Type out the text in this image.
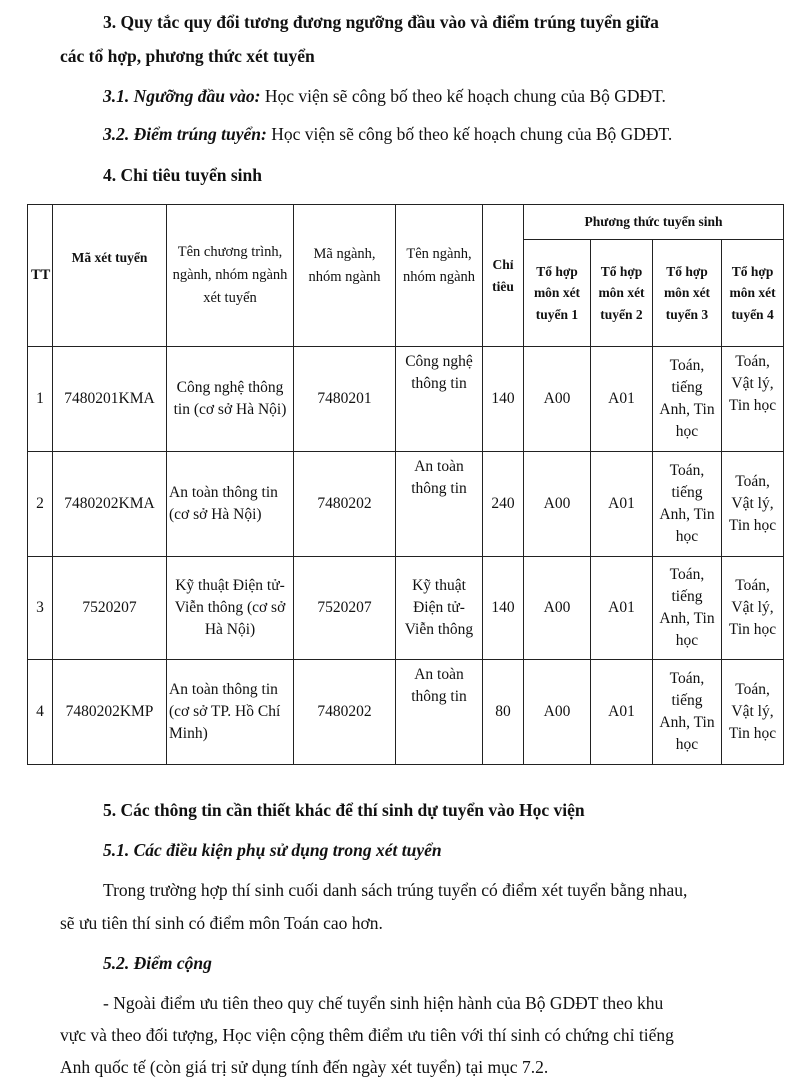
3. Quy tắc quy đổi tương đương ngưỡng đầu vào và điểm trúng tuyển giữa
các tổ hợp, phương thức xét tuyển
3.1. Ngưỡng đầu vào: Học viện sẽ công bố theo kế hoạch chung của Bộ GDĐT.
3.2. Điểm trúng tuyển: Học viện sẽ công bố theo kế hoạch chung của Bộ GDĐT.
4. Chỉ tiêu tuyển sinh
TT	Mã xét tuyển	Tên chương trình, ngành, nhóm ngành xét tuyển	Mã ngành, nhóm ngành	Tên ngành, nhóm ngành	Chỉ tiêu	Phương thức tuyển sinh			
						Tổ hợp môn xét tuyển 1	Tổ hợp môn xét tuyển 2	Tổ hợp môn xét tuyển 3	Tổ hợp môn xét tuyển 4
1	7480201KMA	Công nghệ thông tin (cơ sở Hà Nội)	7480201	Công nghệ thông tin	140	A00	A01	Toán, tiếng Anh, Tin học	Toán, Vật lý, Tin học
2	7480202KMA	An toàn thông tin (cơ sở Hà Nội)	7480202	An toàn thông tin	240	A00	A01	Toán, tiếng Anh, Tin học	Toán, Vật lý, Tin học
3	7520207	Kỹ thuật Điện tử-Viễn thông (cơ sở Hà Nội)	7520207	Kỹ thuật Điện tử-Viễn thông	140	A00	A01	Toán, tiếng Anh, Tin học	Toán, Vật lý, Tin học
4	7480202KMP	An toàn thông tin (cơ sở TP. Hồ Chí Minh)	7480202	An toàn thông tin	80	A00	A01	Toán, tiếng Anh, Tin học	Toán, Vật lý, Tin học
5. Các thông tin cần thiết khác để thí sinh dự tuyển vào Học viện
5.1. Các điều kiện phụ sử dụng trong xét tuyển
Trong trường hợp thí sinh cuối danh sách trúng tuyển có điểm xét tuyển bằng nhau,
sẽ ưu tiên thí sinh có điểm môn Toán cao hơn.
5.2. Điểm cộng
- Ngoài điểm ưu tiên theo quy chế tuyển sinh hiện hành của Bộ GDĐT theo khu
vực và theo đối tượng, Học viện cộng thêm điểm ưu tiên với thí sinh có chứng chỉ tiếng
Anh quốc tế (còn giá trị sử dụng tính đến ngày xét tuyển) tại mục 7.2.
